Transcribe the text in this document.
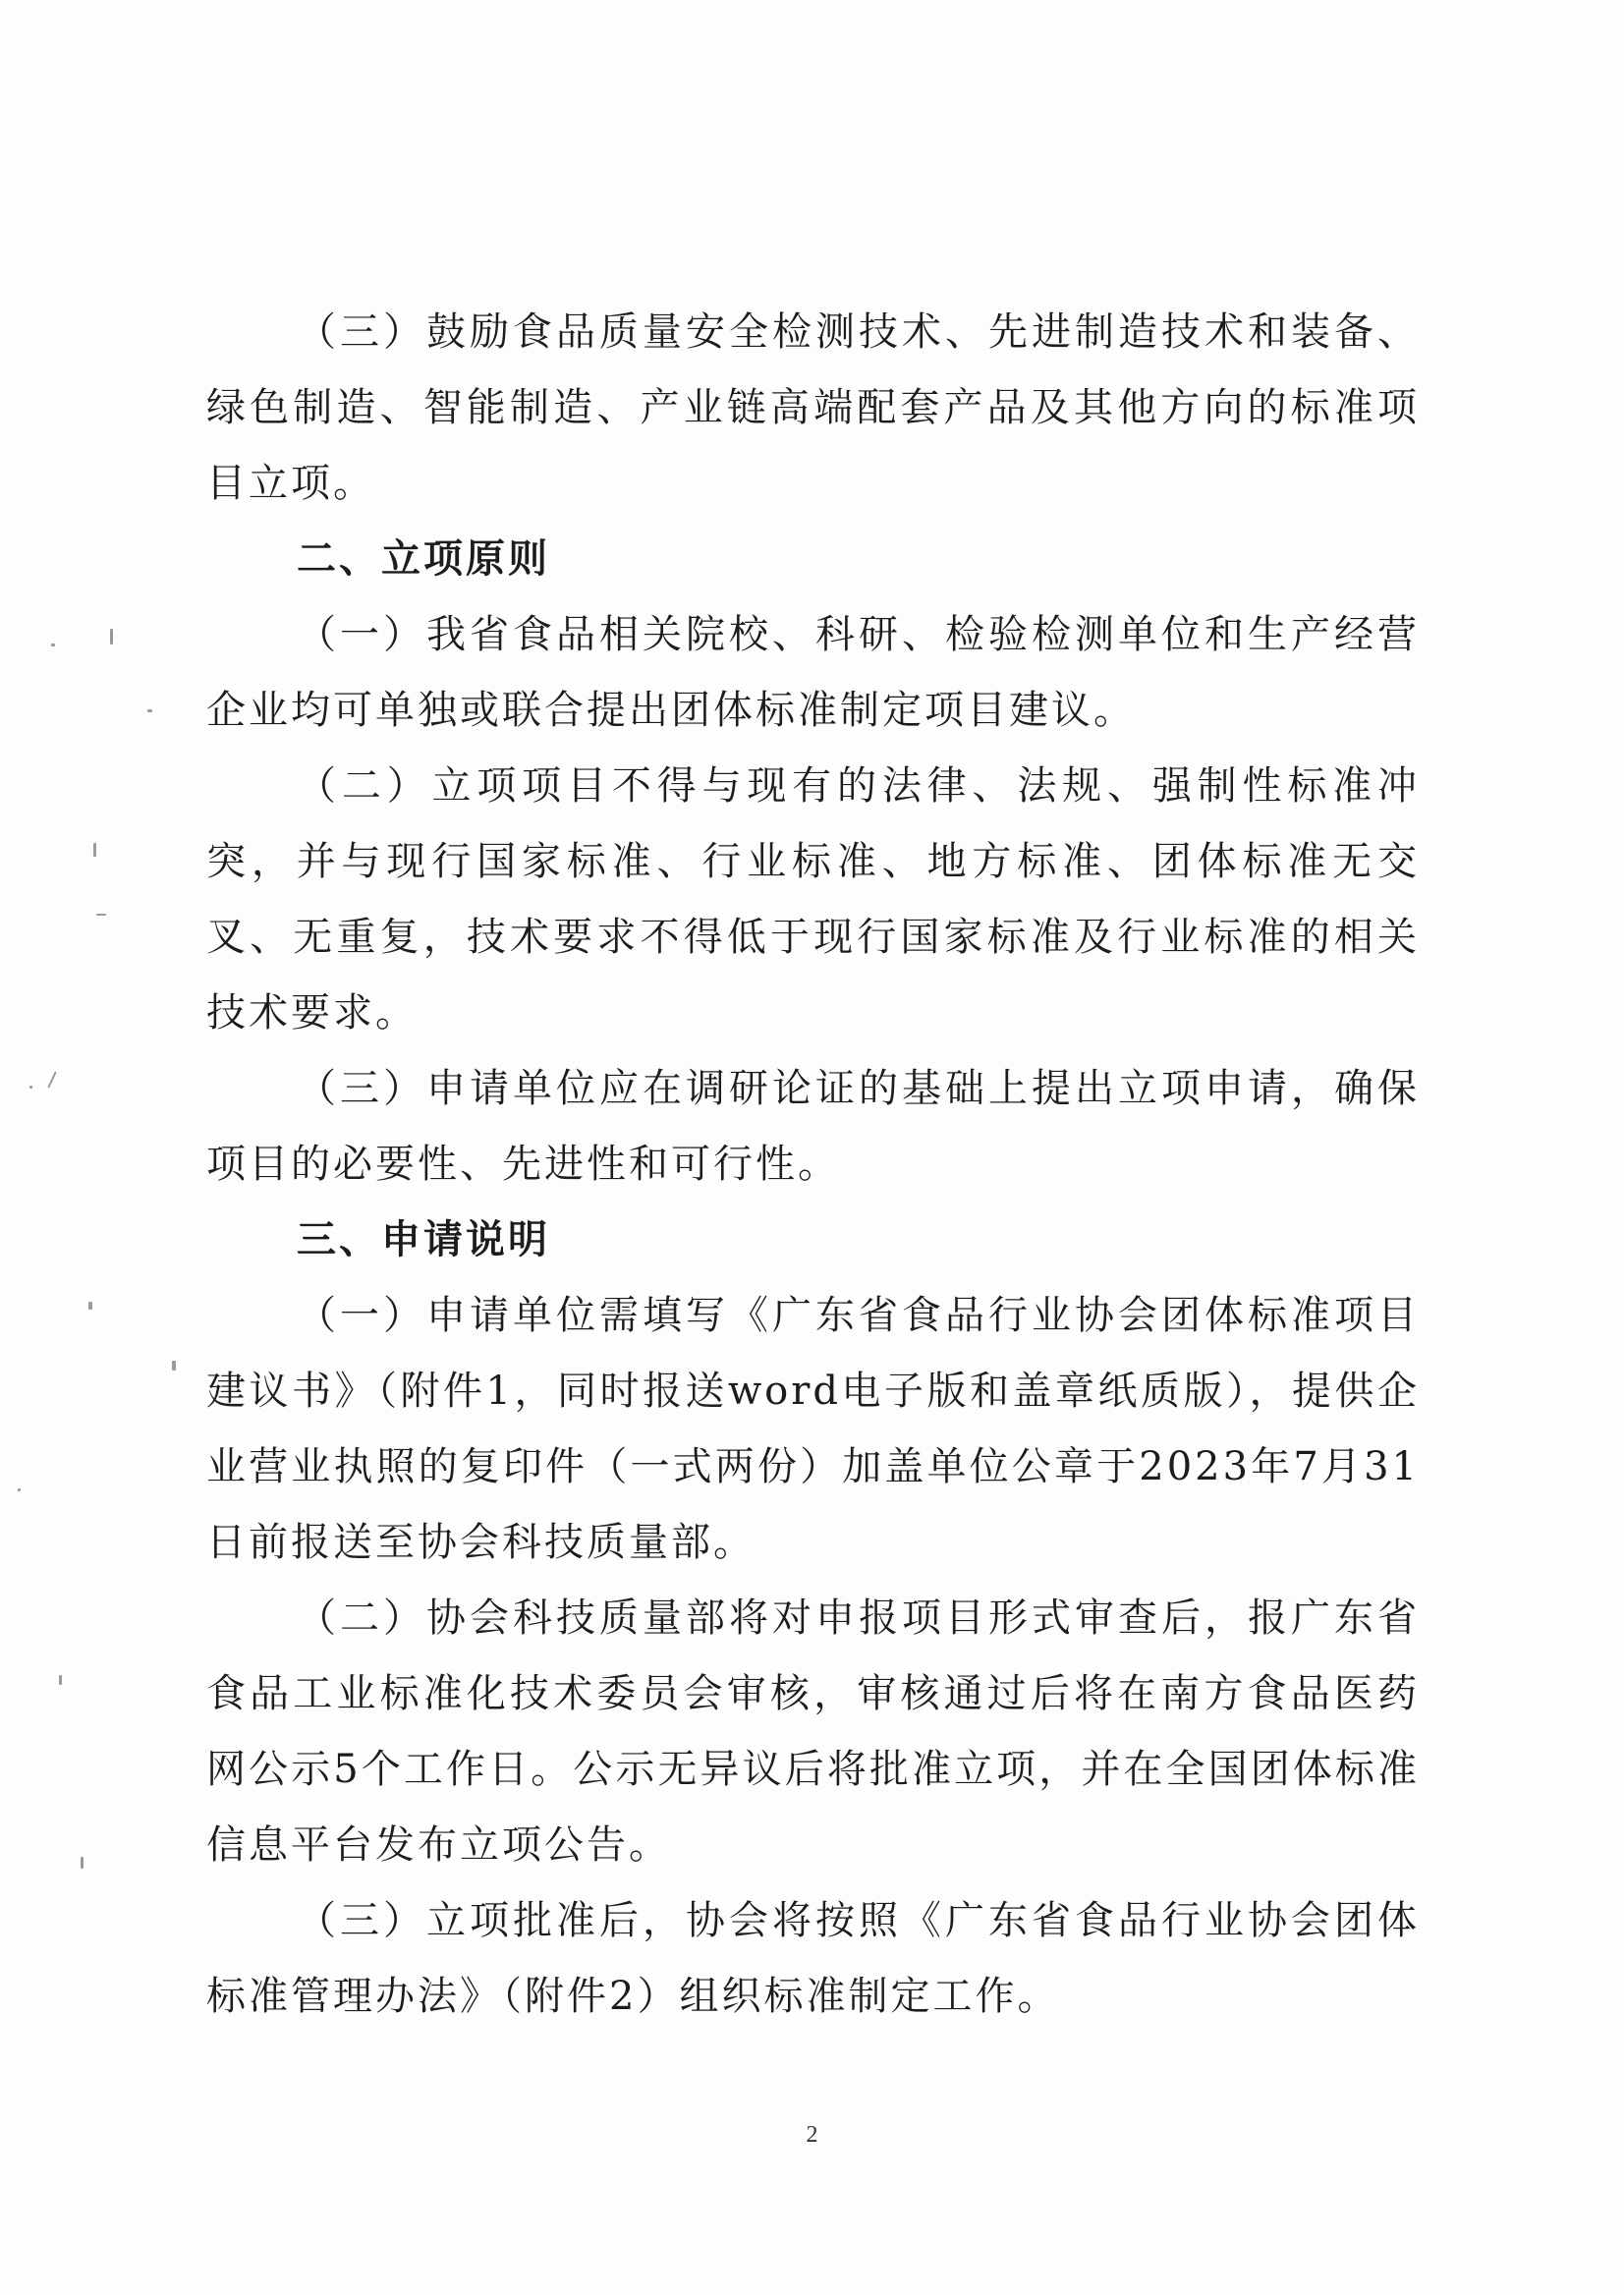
（三）鼓励食品质量安全检测技术、先进制造技术和装备、绿色制造、智能制造、产业链高端配套产品及其他方向的标准项目立项。

二、立项原则

（一）我省食品相关院校、科研、检验检测单位和生产经营企业均可单独或联合提出团体标准制定项目建议。

（二）立项项目不得与现有的法律、法规、强制性标准冲突，并与现行国家标准、行业标准、地方标准、团体标准无交叉、无重复，技术要求不得低于现行国家标准及行业标准的相关技术要求。

（三）申请单位应在调研论证的基础上提出立项申请，确保项目的必要性、先进性和可行性。

三、申请说明

（一）申请单位需填写《广东省食品行业协会团体标准项目建议书》（附件1，同时报送word电子版和盖章纸质版），提供企业营业执照的复印件（一式两份）加盖单位公章于2023年7月31日前报送至协会科技质量部。

（二）协会科技质量部将对申报项目形式审查后，报广东省食品工业标准化技术委员会审核，审核通过后将在南方食品医药网公示5个工作日。公示无异议后将批准立项，并在全国团体标准信息平台发布立项公告。

（三）立项批准后，协会将按照《广东省食品行业协会团体标准管理办法》（附件2）组织标准制定工作。

2
